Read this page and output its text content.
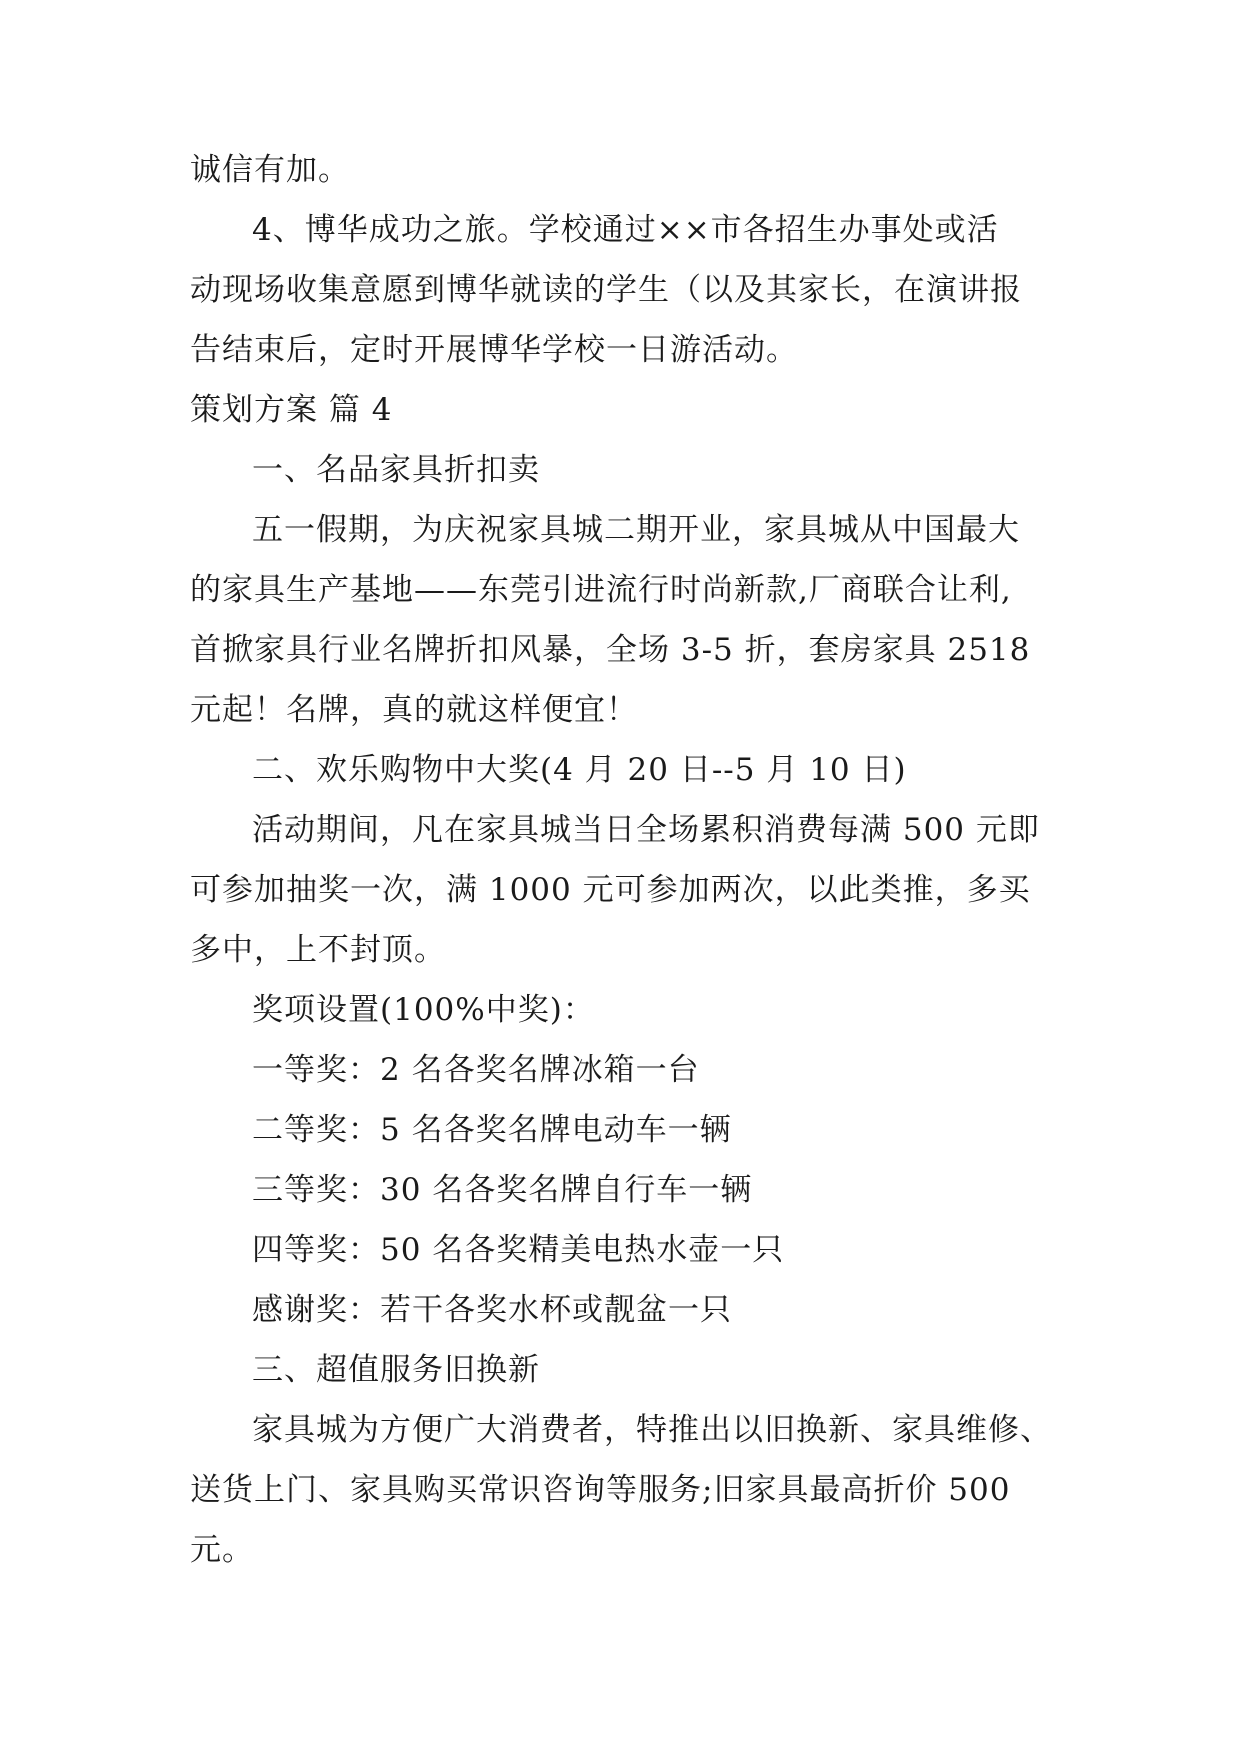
诚信有加。
4、博华成功之旅。学校通过××市各招生办事处或活
动现场收集意愿到博华就读的学生（以及其家长，在演讲报
告结束后，定时开展博华学校一日游活动。
策划方案 篇 4
一、名品家具折扣卖
五一假期，为庆祝家具城二期开业，家具城从中国最大
的家具生产基地——东莞引进流行时尚新款,厂商联合让利,
首掀家具行业名牌折扣风暴，全场 3-5 折，套房家具 2518
元起！名牌，真的就这样便宜！
二、欢乐购物中大奖(4 月 20 日--5 月 10 日)
活动期间，凡在家具城当日全场累积消费每满 500 元即
可参加抽奖一次，满 1000 元可参加两次，以此类推，多买
多中，上不封顶。
奖项设置(100%中奖)：
一等奖：2 名各奖名牌冰箱一台
二等奖：5 名各奖名牌电动车一辆
三等奖：30 名各奖名牌自行车一辆
四等奖：50 名各奖精美电热水壶一只
感谢奖：若干各奖水杯或靓盆一只
三、超值服务旧换新
家具城为方便广大消费者，特推出以旧换新、家具维修、
送货上门、家具购买常识咨询等服务;旧家具最高折价 500
元。
